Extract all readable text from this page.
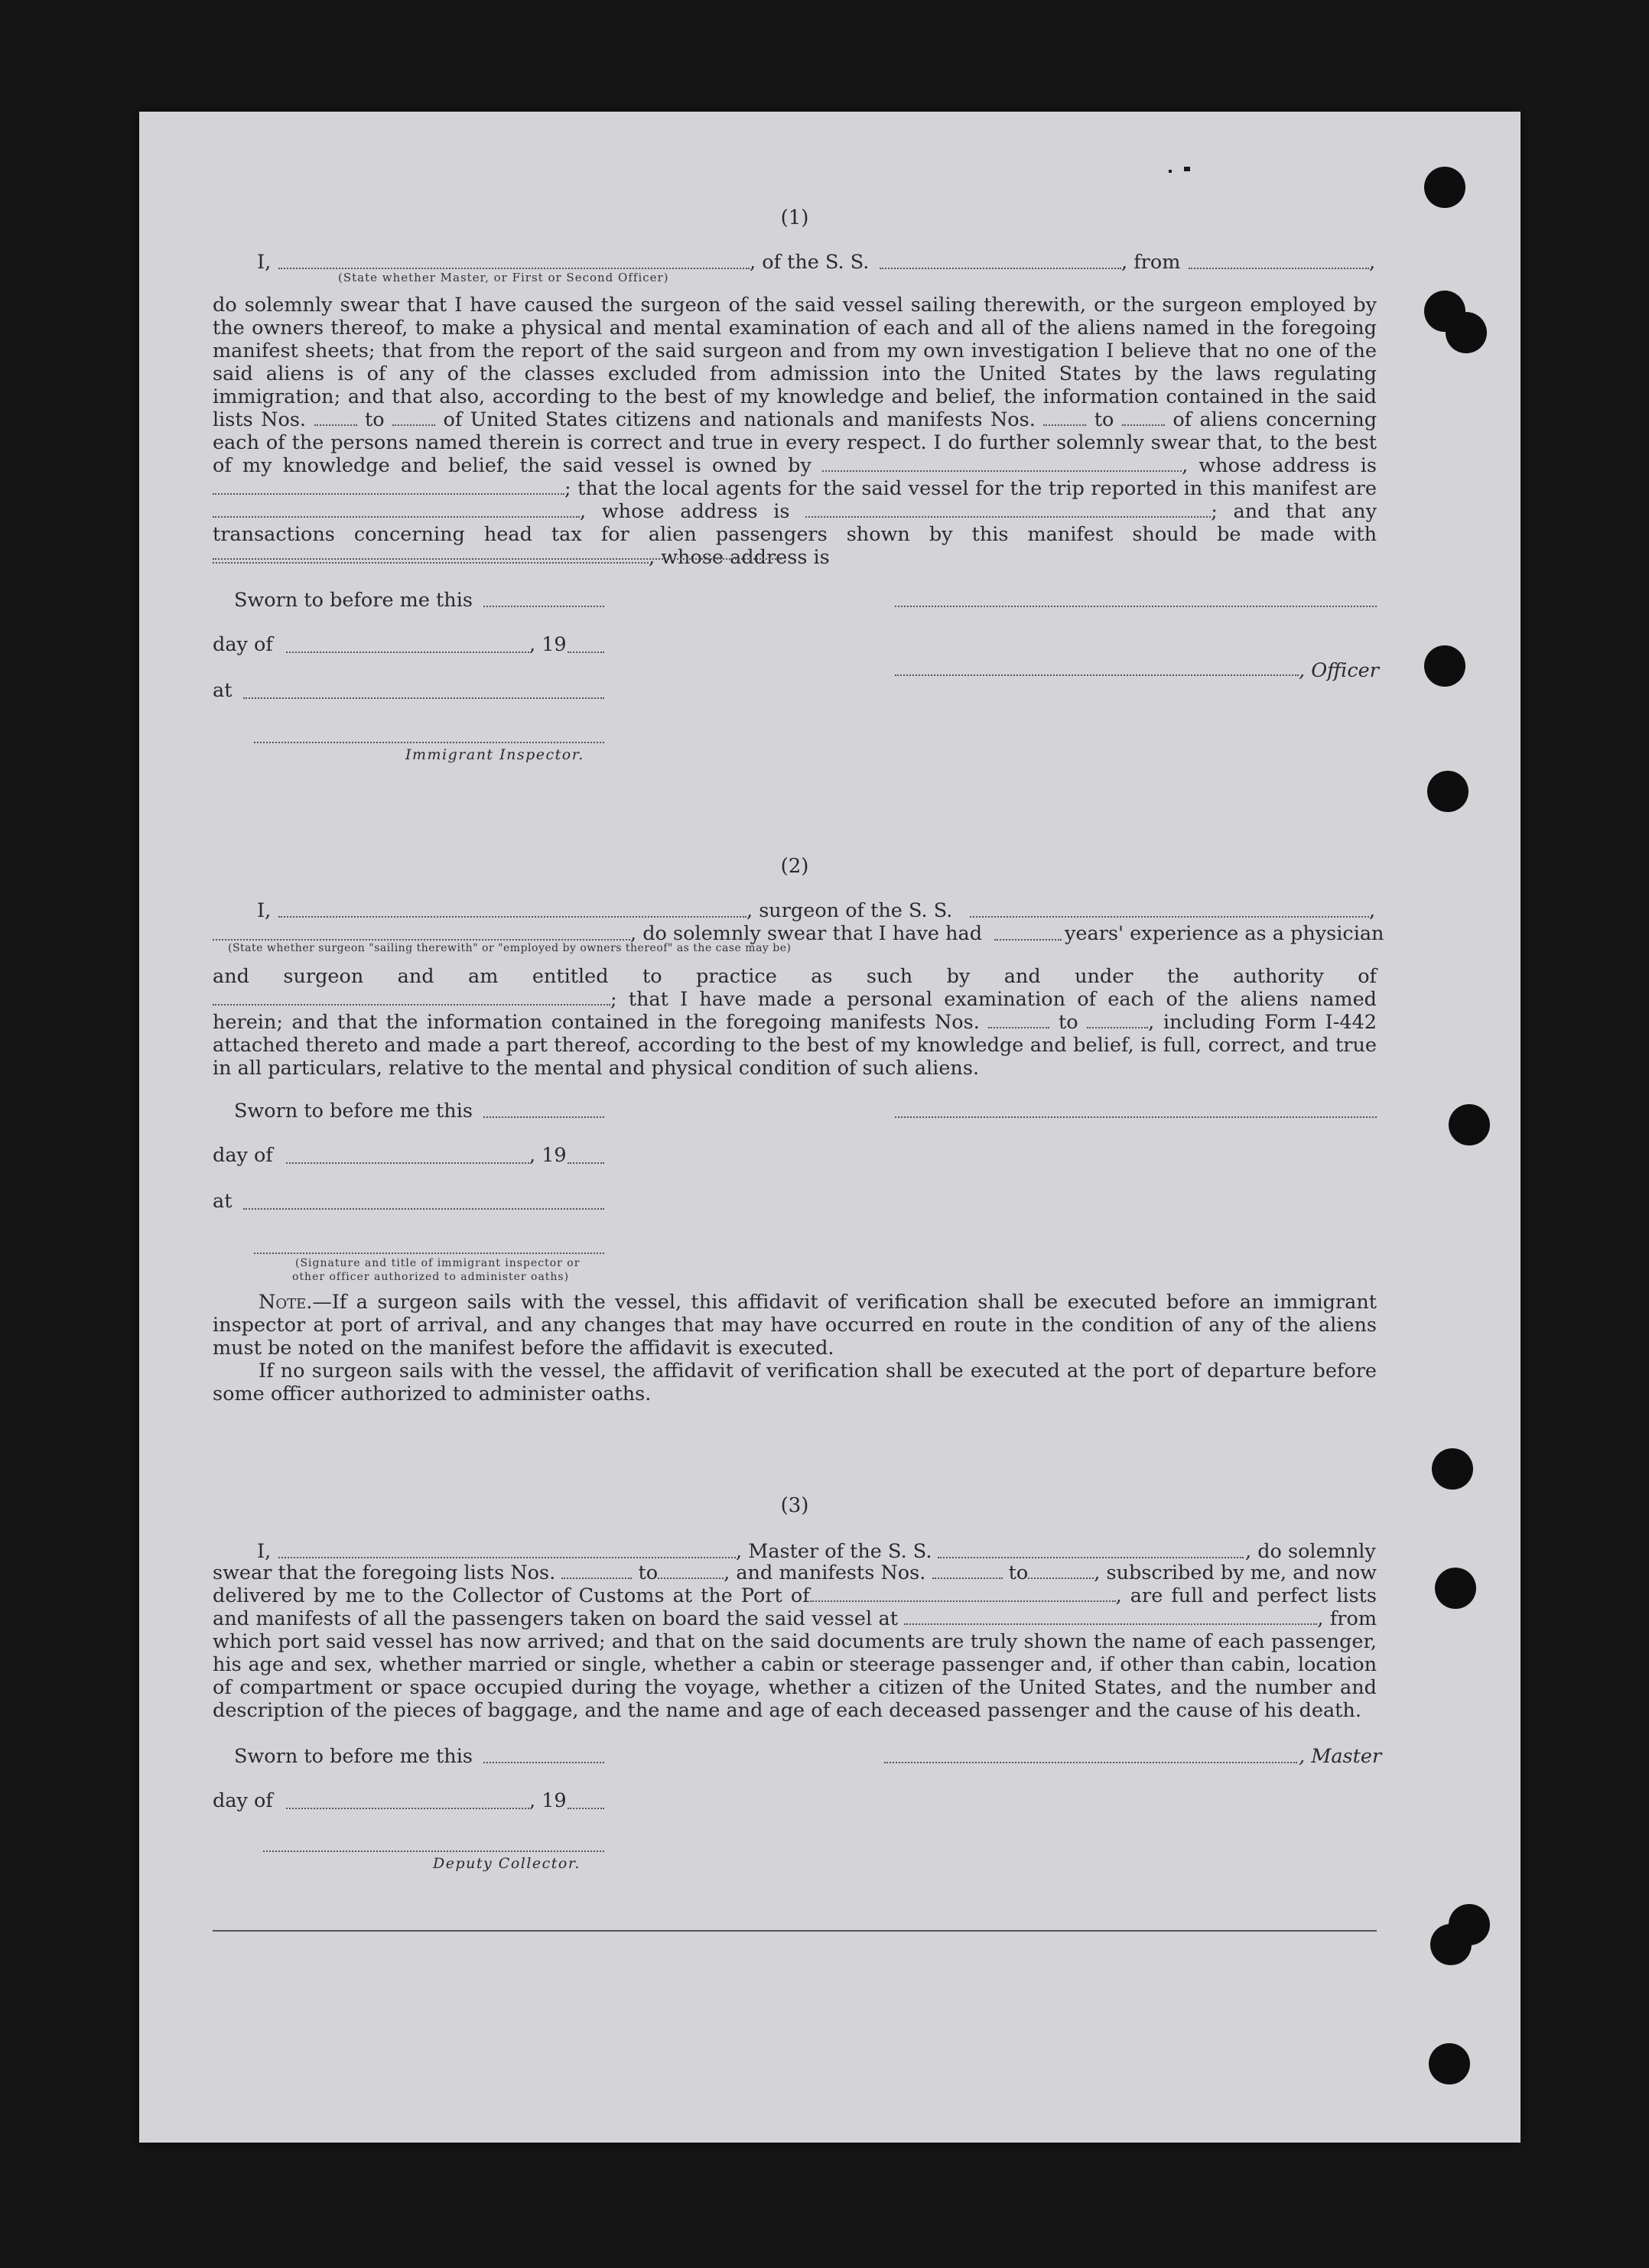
(1)
I,	, of the S. S.	, from	,
(State whether Master, or First or Second Officer)

do solemnly swear that I have caused the surgeon of the said vessel sailing therewith, or the surgeon employed by the owners thereof, to make a physical and mental examination of each and all of the aliens named in the foregoing manifest sheets; that from the report of the said surgeon and from my own investigation I believe that no one of the said aliens is of any of the classes excluded from admission into the United States by the laws regulating immigration; and that also, according to the best of my knowledge and belief, the information contained in the said lists Nos.	to	of United States citizens and nationals and manifests Nos.	to	of aliens concerning each of the persons named therein is correct and true in every respect. I do further solemnly swear that, to the best of my knowledge and belief, the said vessel is owned by	, whose address is ; that the local agents for the said vessel for the trip reported in this manifest are , whose address is	; and that any transactions concerning head tax for alien passengers shown by this manifest should be made with , whose address is

Sworn to before me this
day of	, 19
, Officer
at
Immigrant Inspector.
(2)
I,	, surgeon of the S. S.	,
, do solemnly swear that I have had	years' experience as a physician
(State whether surgeon "sailing therewith" or "employed by owners thereof" as the case may be)

and surgeon and am entitled to practice as such by and under the authority of ; that I have made a personal examination of each of the aliens named herein; and that the information contained in the foregoing manifests Nos.	to	, including Form I-442 attached thereto and made a part thereof, according to the best of my knowledge and belief, is full, correct, and true in all particulars, relative to the mental and physical condition of such aliens.

Sworn to before me this
day of	, 19
at
(Signature and title of immigrant inspector or
other officer authorized to administer oaths)

Note.—If a surgeon sails with the vessel, this affidavit of verification shall be executed before an immigrant inspector at port of arrival, and any changes that may have occurred en route in the condition of any of the aliens must be noted on the manifest before the affidavit is executed.

If no surgeon sails with the vessel, the affidavit of verification shall be executed at the port of departure before some officer authorized to administer oaths.

(3)
I,	, Master of the S. S.	, do solemnly

swear that the foregoing lists Nos.	to	, and manifests Nos.	to	, subscribed by me, and now delivered by me to the Collector of Customs at the Port of	, are full and perfect lists and manifests of all the passengers taken on board the said vessel at	, from which port said vessel has now arrived; and that on the said documents are truly shown the name of each passenger, his age and sex, whether married or single, whether a cabin or steerage passenger and, if other than cabin, location of compartment or space occupied during the voyage, whether a citizen of the United States, and the number and description of the pieces of baggage, and the name and age of each deceased passenger and the cause of his death.

Sworn to before me this	, Master
day of	, 19
Deputy Collector.
